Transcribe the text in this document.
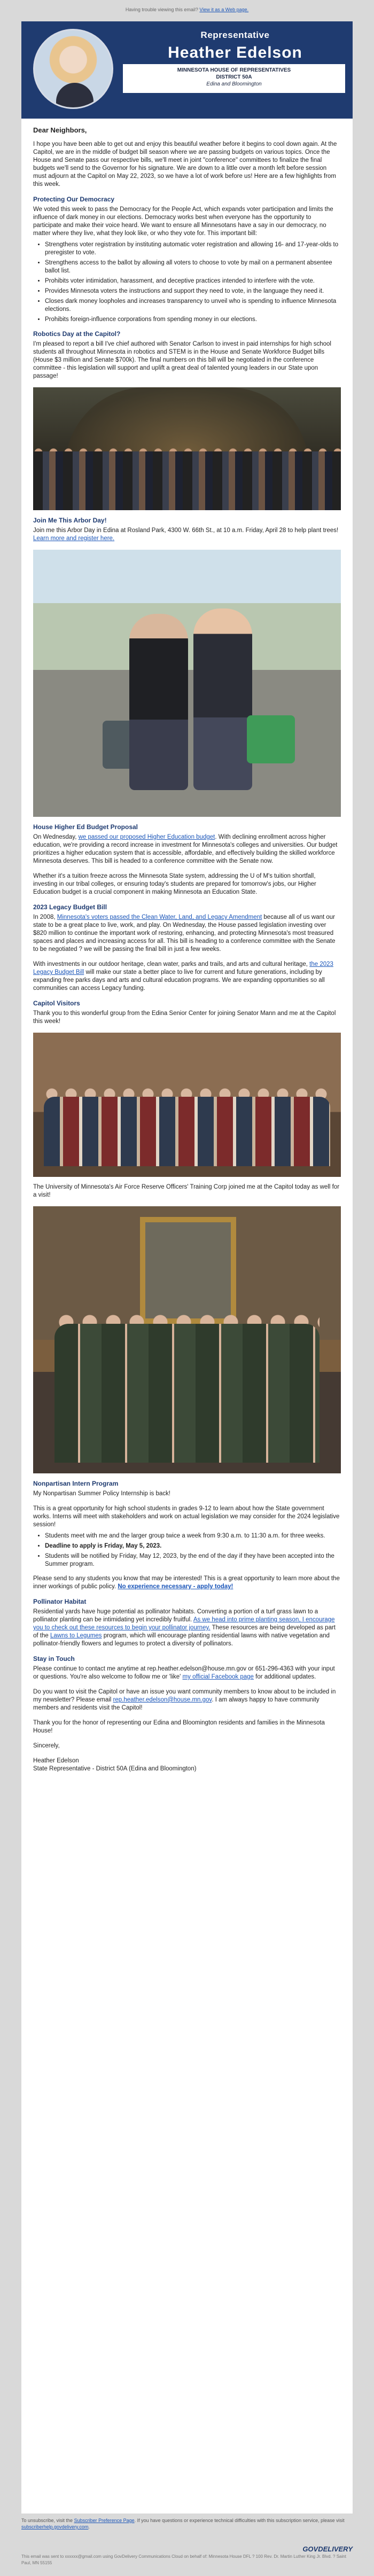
Having trouble viewing this email? View it as a Web page.
Representative
Heather Edelson
MINNESOTA HOUSE OF REPRESENTATIVES
DISTRICT 50A
Edina and Bloomington
Dear Neighbors,

I hope you have been able to get out and enjoy this beautiful weather before it begins to cool down again. At the Capitol, we are in the middle of budget bill season where we are passing budgets on various topics. Once the House and Senate pass our respective bills, we'll meet in joint "conference" committees to finalize the final budgets we'll send to the Governor for his signature. We are down to a little over a month left before session must adjourn at the Capitol on May 22, 2023, so we have a lot of work before us! Here are a few highlights from this week.

Protecting Our Democracy

We voted this week to pass the Democracy for the People Act, which expands voter participation and limits the influence of dark money in our elections. Democracy works best when everyone has the opportunity to participate and make their voice heard. We want to ensure all Minnesotans have a say in our democracy, no matter where they live, what they look like, or who they vote for. This important bill:

• Strengthens voter registration by instituting automatic voter registration and allowing 16- and 17-year-olds to preregister to vote.
• Strengthens access to the ballot by allowing all voters to choose to vote by mail on a permanent absentee ballot list.
• Prohibits voter intimidation, harassment, and deceptive practices intended to interfere with the vote.
• Provides Minnesota voters the instructions and support they need to vote, in the language they need it.
• Closes dark money loopholes and increases transparency to unveil who is spending to influence Minnesota elections.
• Prohibits foreign-influence corporations from spending money in our elections.
Robotics Day at the Capitol?

I'm pleased to report a bill I've chief authored with Senator Carlson to invest in paid internships for high school students all throughout Minnesota in robotics and STEM is in the House and Senate Workforce Budget bills (House $3 million and Senate $700k). The final numbers on this bill will be negotiated in the conference committee - this legislation will support and uplift a great deal of talented young leaders in our State upon passage!

Join Me This Arbor Day!

Join me this Arbor Day in Edina at Rosland Park, 4300 W. 66th St., at 10 a.m. Friday, April 28 to help plant trees! Learn more and register here.

House Higher Ed Budget Proposal

On Wednesday, we passed our proposed Higher Education budget. With declining enrollment across higher education, we're providing a record increase in investment for Minnesota's colleges and universities. Our budget prioritizes a higher education system that is accessible, affordable, and effectively building the skilled workforce Minnesota deserves. This bill is headed to a conference committee with the Senate now.

Whether it's a tuition freeze across the Minnesota State system, addressing the U of M's tuition shortfall, investing in our tribal colleges, or ensuring today's students are prepared for tomorrow's jobs, our Higher Education budget is a crucial component in making Minnesota an Education State.

2023 Legacy Budget Bill

In 2008, Minnesota's voters passed the Clean Water, Land, and Legacy Amendment because all of us want our state to be a great place to live, work, and play. On Wednesday, the House passed legislation investing over $820 million to continue the important work of restoring, enhancing, and protecting Minnesota's most treasured spaces and places and increasing access for all. This bill is heading to a conference committee with the Senate to be negotiated ? we will be passing the final bill in just a few weeks.

With investments in our outdoor heritage, clean water, parks and trails, and arts and cultural heritage, the 2023 Legacy Budget Bill will make our state a better place to live for current and future generations, including by expanding free parks days and arts and cultural education programs. We are expanding opportunities so all communities can access Legacy funding.

Capitol Visitors

Thank you to this wonderful group from the Edina Senior Center for joining Senator Mann and me at the Capitol this week!

The University of Minnesota's Air Force Reserve Officers' Training Corp joined me at the Capitol today as well for a visit!

Nonpartisan Intern Program

My Nonpartisan Summer Policy Internship is back!

This is a great opportunity for high school students in grades 9-12 to learn about how the State government works. Interns will meet with stakeholders and work on actual legislation we may consider for the 2024 legislative session!

• Students meet with me and the larger group twice a week from 9:30 a.m. to 11:30 a.m. for three weeks.
• Deadline to apply is Friday, May 5, 2023.
• Students will be notified by Friday, May 12, 2023, by the end of the day if they have been accepted into the Summer program.

Please send to any students you know that may be interested! This is a great opportunity to learn more about the inner workings of public policy. No experience necessary - apply today!

Pollinator Habitat

Residential yards have huge potential as pollinator habitats. Converting a portion of a turf grass lawn to a pollinator planting can be intimidating yet incredibly fruitful. As we head into prime planting season, I encourage you to check out these resources to begin your pollinator journey. These resources are being developed as part of the Lawns to Legumes program, which will encourage planting residential lawns with native vegetation and pollinator-friendly flowers and legumes to protect a diversity of pollinators.

Stay in Touch

Please continue to contact me anytime at rep.heather.edelson@house.mn.gov or 651-296-4363 with your input or questions. You're also welcome to follow me or 'like' my official Facebook page for additional updates.

Do you want to visit the Capitol or have an issue you want community members to know about to be included in my newsletter? Please email rep.heather.edelson@house.mn.gov. I am always happy to have community members and residents visit the Capitol!

Thank you for the honor of representing our Edina and Bloomington residents and families in the Minnesota House!

Sincerely,

Heather Edelson
State Representative - District 50A (Edina and Bloomington)

To unsubscribe, visit the Subscriber Preference Page. If you have questions or experience technical difficulties with this subscription service, please visit subscriberhelp.govdelivery.com.
This email was sent to xxxxxx@gmail.com using GovDelivery Communications Cloud on behalf of: Minnesota House DFL ? 100 Rev. Dr. Martin Luther King Jr. Blvd. ? Saint Paul, MN 55155
GOVDELIVERY
